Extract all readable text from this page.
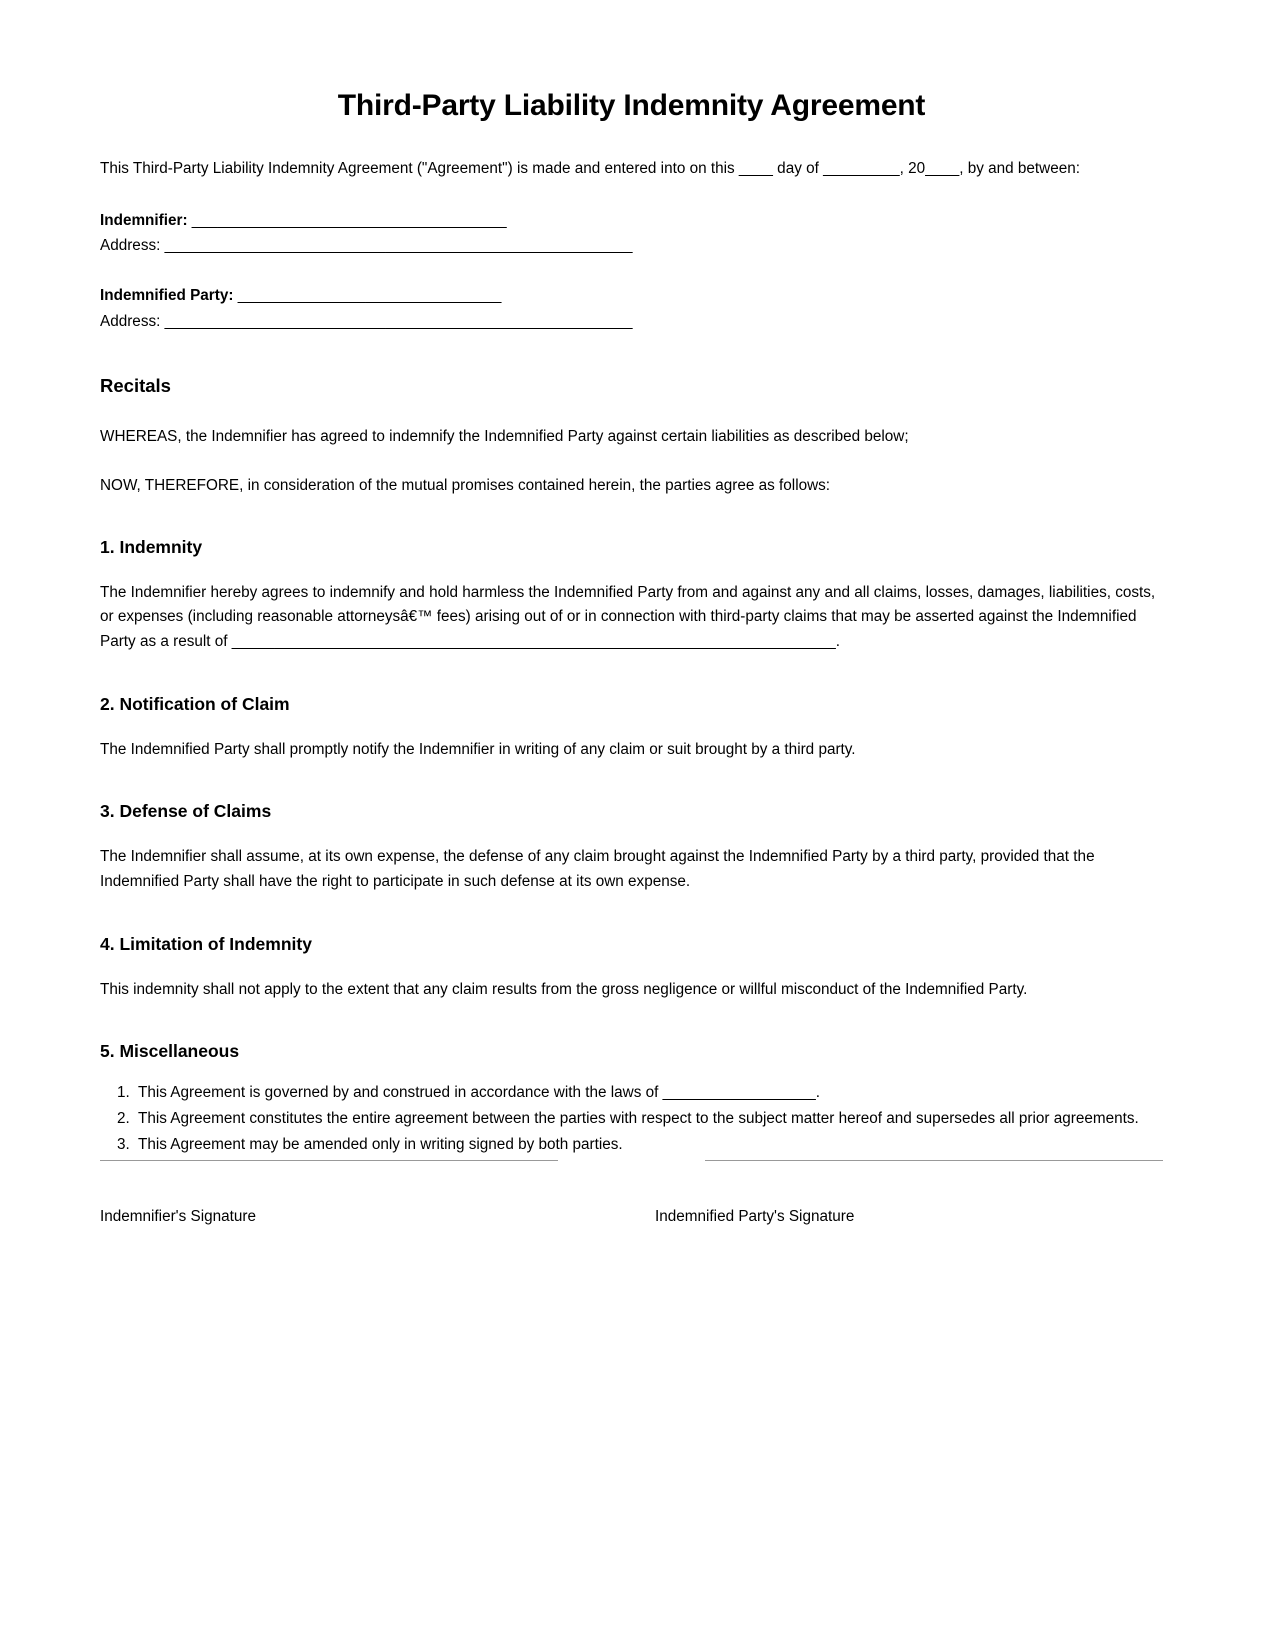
Third-Party Liability Indemnity Agreement

This Third-Party Liability Indemnity Agreement ("Agreement") is made and entered into on this ____ day of _________, 20____, by and between:

Indemnifier: _____________________________________
Address: _______________________________________________________
Indemnified Party: _______________________________
Address: _______________________________________________________
Recitals

WHEREAS, the Indemnifier has agreed to indemnify the Indemnified Party against certain liabilities as described below;

NOW, THEREFORE, in consideration of the mutual promises contained herein, the parties agree as follows:

1. Indemnity

The Indemnifier hereby agrees to indemnify and hold harmless the Indemnified Party from and against any and all claims, losses, damages, liabilities, costs, or expenses (including reasonable attorneysâ€™ fees) arising out of or in connection with third-party claims that may be asserted against the Indemnified Party as a result of _______________________________________________________________________.

2. Notification of Claim

The Indemnified Party shall promptly notify the Indemnifier in writing of any claim or suit brought by a third party.

3. Defense of Claims

The Indemnifier shall assume, at its own expense, the defense of any claim brought against the Indemnified Party by a third party, provided that the Indemnified Party shall have the right to participate in such defense at its own expense.

4. Limitation of Indemnity

This indemnity shall not apply to the extent that any claim results from the gross negligence or willful misconduct of the Indemnified Party.

5. Miscellaneous
1. This Agreement is governed by and construed in accordance with the laws of __________________.
2. This Agreement constitutes the entire agreement between the parties with respect to the subject matter hereof and supersedes all prior agreements.
3. This Agreement may be amended only in writing signed by both parties.
Indemnifier's Signature	Indemnified Party's Signature
